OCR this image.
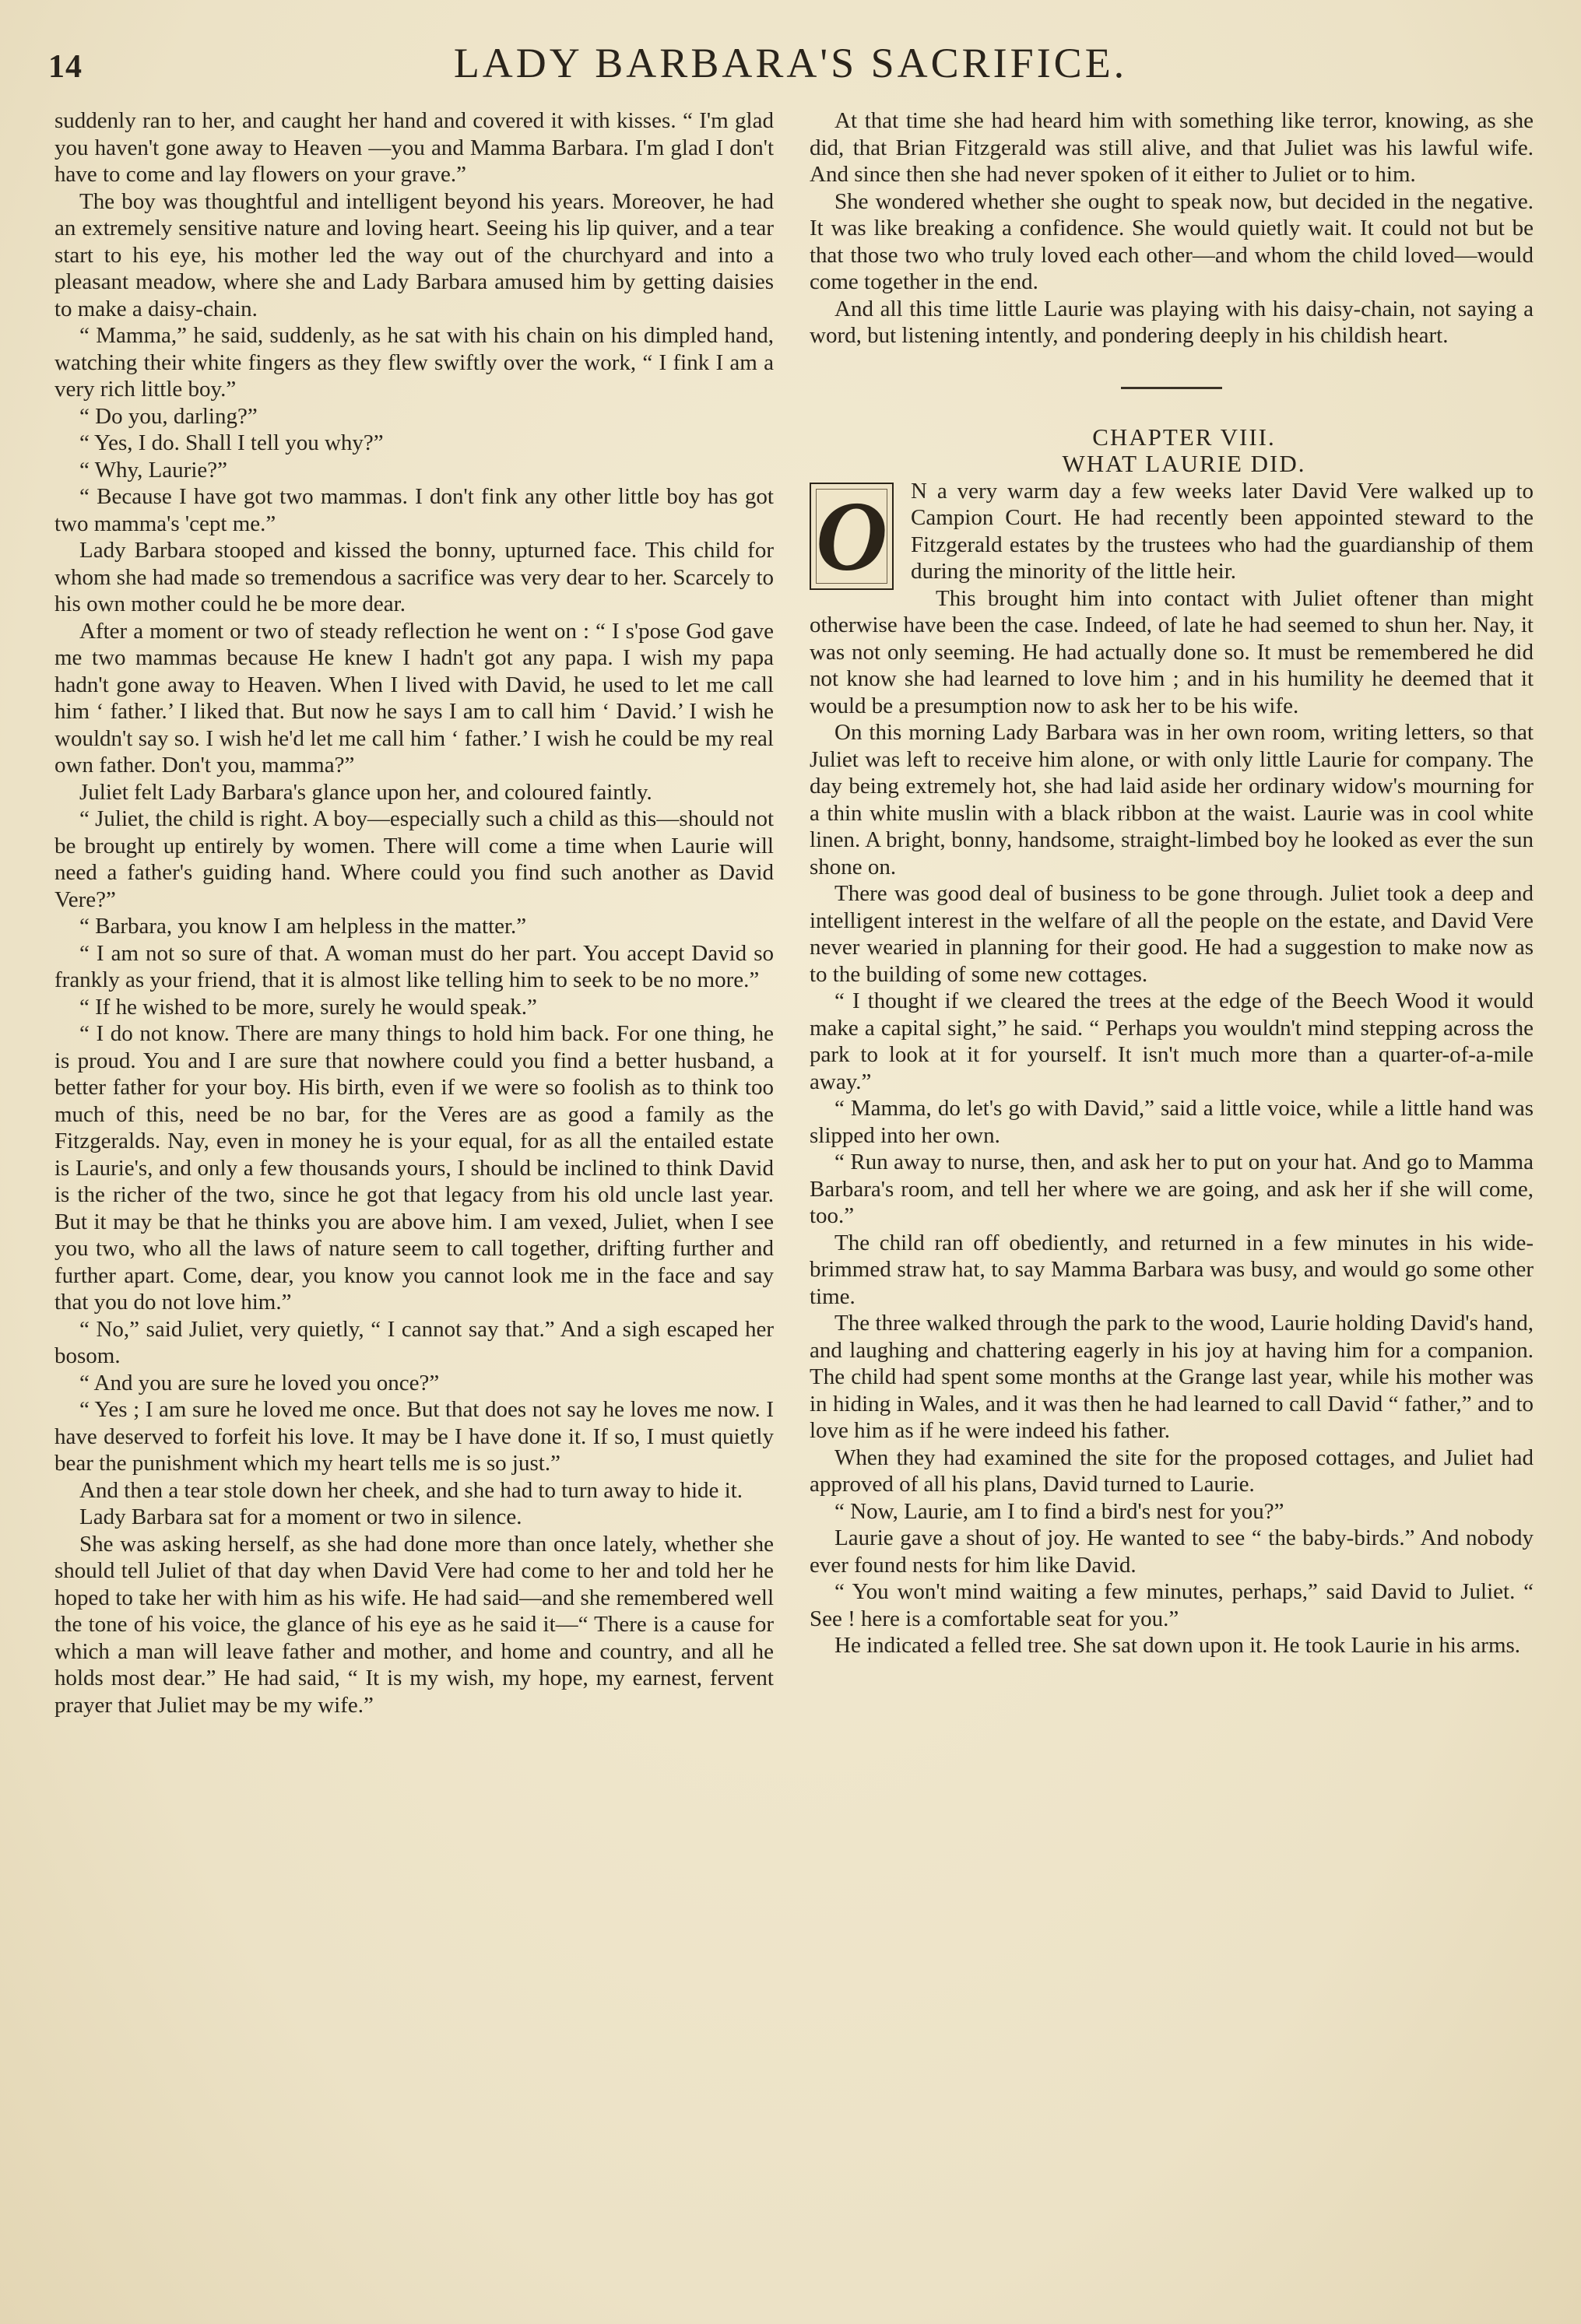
14	LADY BARBARA'S SACRIFICE.

suddenly ran to her, and caught her hand and covered it with kisses. “ I'm glad you haven't gone away to Heaven —you and Mamma Barbara. I'm glad I don't have to come and lay flowers on your grave.”

The boy was thoughtful and intelligent beyond his years. Moreover, he had an extremely sensitive nature and loving heart. Seeing his lip quiver, and a tear start to his eye, his mother led the way out of the churchyard and into a pleasant meadow, where she and Lady Barbara amused him by getting daisies to make a daisy-chain.

“ Mamma,” he said, suddenly, as he sat with his chain on his dimpled hand, watching their white fingers as they flew swiftly over the work, “ I fink I am a very rich little boy.”

“ Do you, darling?”

“ Yes, I do. Shall I tell you why?”

“ Why, Laurie?”

“ Because I have got two mammas. I don't fink any other little boy has got two mamma's 'cept me.”

Lady Barbara stooped and kissed the bonny, upturned face. This child for whom she had made so tremendous a sacrifice was very dear to her. Scarcely to his own mother could he be more dear.

After a moment or two of steady reflection he went on : “ I s'pose God gave me two mammas because He knew I hadn't got any papa. I wish my papa hadn't gone away to Heaven. When I lived with David, he used to let me call him ‘ father.’ I liked that. But now he says I am to call him ‘ David.’ I wish he wouldn't say so. I wish he'd let me call him ‘ father.’ I wish he could be my real own father. Don't you, mamma?”

Juliet felt Lady Barbara's glance upon her, and coloured faintly.

“ Juliet, the child is right. A boy—especially such a child as this—should not be brought up entirely by women. There will come a time when Laurie will need a father's guiding hand. Where could you find such another as David Vere?”

“ Barbara, you know I am helpless in the matter.”

“ I am not so sure of that. A woman must do her part. You accept David so frankly as your friend, that it is almost like telling him to seek to be no more.”

“ If he wished to be more, surely he would speak.”

“ I do not know. There are many things to hold him back. For one thing, he is proud. You and I are sure that nowhere could you find a better husband, a better father for your boy. His birth, even if we were so foolish as to think too much of this, need be no bar, for the Veres are as good a family as the Fitzgeralds. Nay, even in money he is your equal, for as all the entailed estate is Laurie's, and only a few thousands yours, I should be inclined to think David is the richer of the two, since he got that legacy from his old uncle last year. But it may be that he thinks you are above him. I am vexed, Juliet, when I see you two, who all the laws of nature seem to call together, drifting further and further apart. Come, dear, you know you cannot look me in the face and say that you do not love him.”

“ No,” said Juliet, very quietly, “ I cannot say that.” And a sigh escaped her bosom.

“ And you are sure he loved you once?”

“ Yes ; I am sure he loved me once. But that does not say he loves me now. I have deserved to forfeit his love. It may be I have done it. If so, I must quietly bear the punishment which my heart tells me is so just.”

And then a tear stole down her cheek, and she had to turn away to hide it.

Lady Barbara sat for a moment or two in silence.

She was asking herself, as she had done more than once lately, whether she should tell Juliet of that day when David Vere had come to her and told her he hoped to take her with him as his wife. He had said—and she remembered well the tone of his voice, the glance of his eye as he said it—“ There is a cause for which a man will leave father and mother, and home and country, and all he holds most dear.” He had said, “ It is my wish, my hope, my earnest, fervent prayer that Juliet may be my wife.”

At that time she had heard him with something like terror, knowing, as she did, that Brian Fitzgerald was still alive, and that Juliet was his lawful wife. And since then she had never spoken of it either to Juliet or to him.

She wondered whether she ought to speak now, but decided in the negative. It was like breaking a confidence. She would quietly wait. It could not but be that those two who truly loved each other—and whom the child loved—would come together in the end.

And all this time little Laurie was playing with his daisy-chain, not saying a word, but listening intently, and pondering deeply in his childish heart.

CHAPTER VIII.

WHAT LAURIE DID.

O N a very warm day a few weeks later David Vere walked up to Campion Court. He had recently been appointed steward to the Fitzgerald estates by the trustees who had the guardianship of them during the minority of the little heir.

This brought him into contact with Juliet oftener than might otherwise have been the case. Indeed, of late he had seemed to shun her. Nay, it was not only seeming. He had actually done so. It must be remembered he did not know she had learned to love him ; and in his humility he deemed that it would be a presumption now to ask her to be his wife.

On this morning Lady Barbara was in her own room, writing letters, so that Juliet was left to receive him alone, or with only little Laurie for company. The day being extremely hot, she had laid aside her ordinary widow's mourning for a thin white muslin with a black ribbon at the waist. Laurie was in cool white linen. A bright, bonny, handsome, straight-limbed boy he looked as ever the sun shone on.

There was good deal of business to be gone through. Juliet took a deep and intelligent interest in the welfare of all the people on the estate, and David Vere never wearied in planning for their good. He had a suggestion to make now as to the building of some new cottages.

“ I thought if we cleared the trees at the edge of the Beech Wood it would make a capital sight,” he said. “ Perhaps you wouldn't mind stepping across the park to look at it for yourself. It isn't much more than a quarter-of-a-mile away.”

“ Mamma, do let's go with David,” said a little voice, while a little hand was slipped into her own.

“ Run away to nurse, then, and ask her to put on your hat. And go to Mamma Barbara's room, and tell her where we are going, and ask her if she will come, too.”

The child ran off obediently, and returned in a few minutes in his wide-brimmed straw hat, to say Mamma Barbara was busy, and would go some other time.

The three walked through the park to the wood, Laurie holding David's hand, and laughing and chattering eagerly in his joy at having him for a companion. The child had spent some months at the Grange last year, while his mother was in hiding in Wales, and it was then he had learned to call David “ father,” and to love him as if he were indeed his father.

When they had examined the site for the proposed cottages, and Juliet had approved of all his plans, David turned to Laurie.

“ Now, Laurie, am I to find a bird's nest for you?”

Laurie gave a shout of joy. He wanted to see “ the baby-birds.” And nobody ever found nests for him like David.

“ You won't mind waiting a few minutes, perhaps,” said David to Juliet. “ See ! here is a comfortable seat for you.”

He indicated a felled tree. She sat down upon it. He took Laurie in his arms.
